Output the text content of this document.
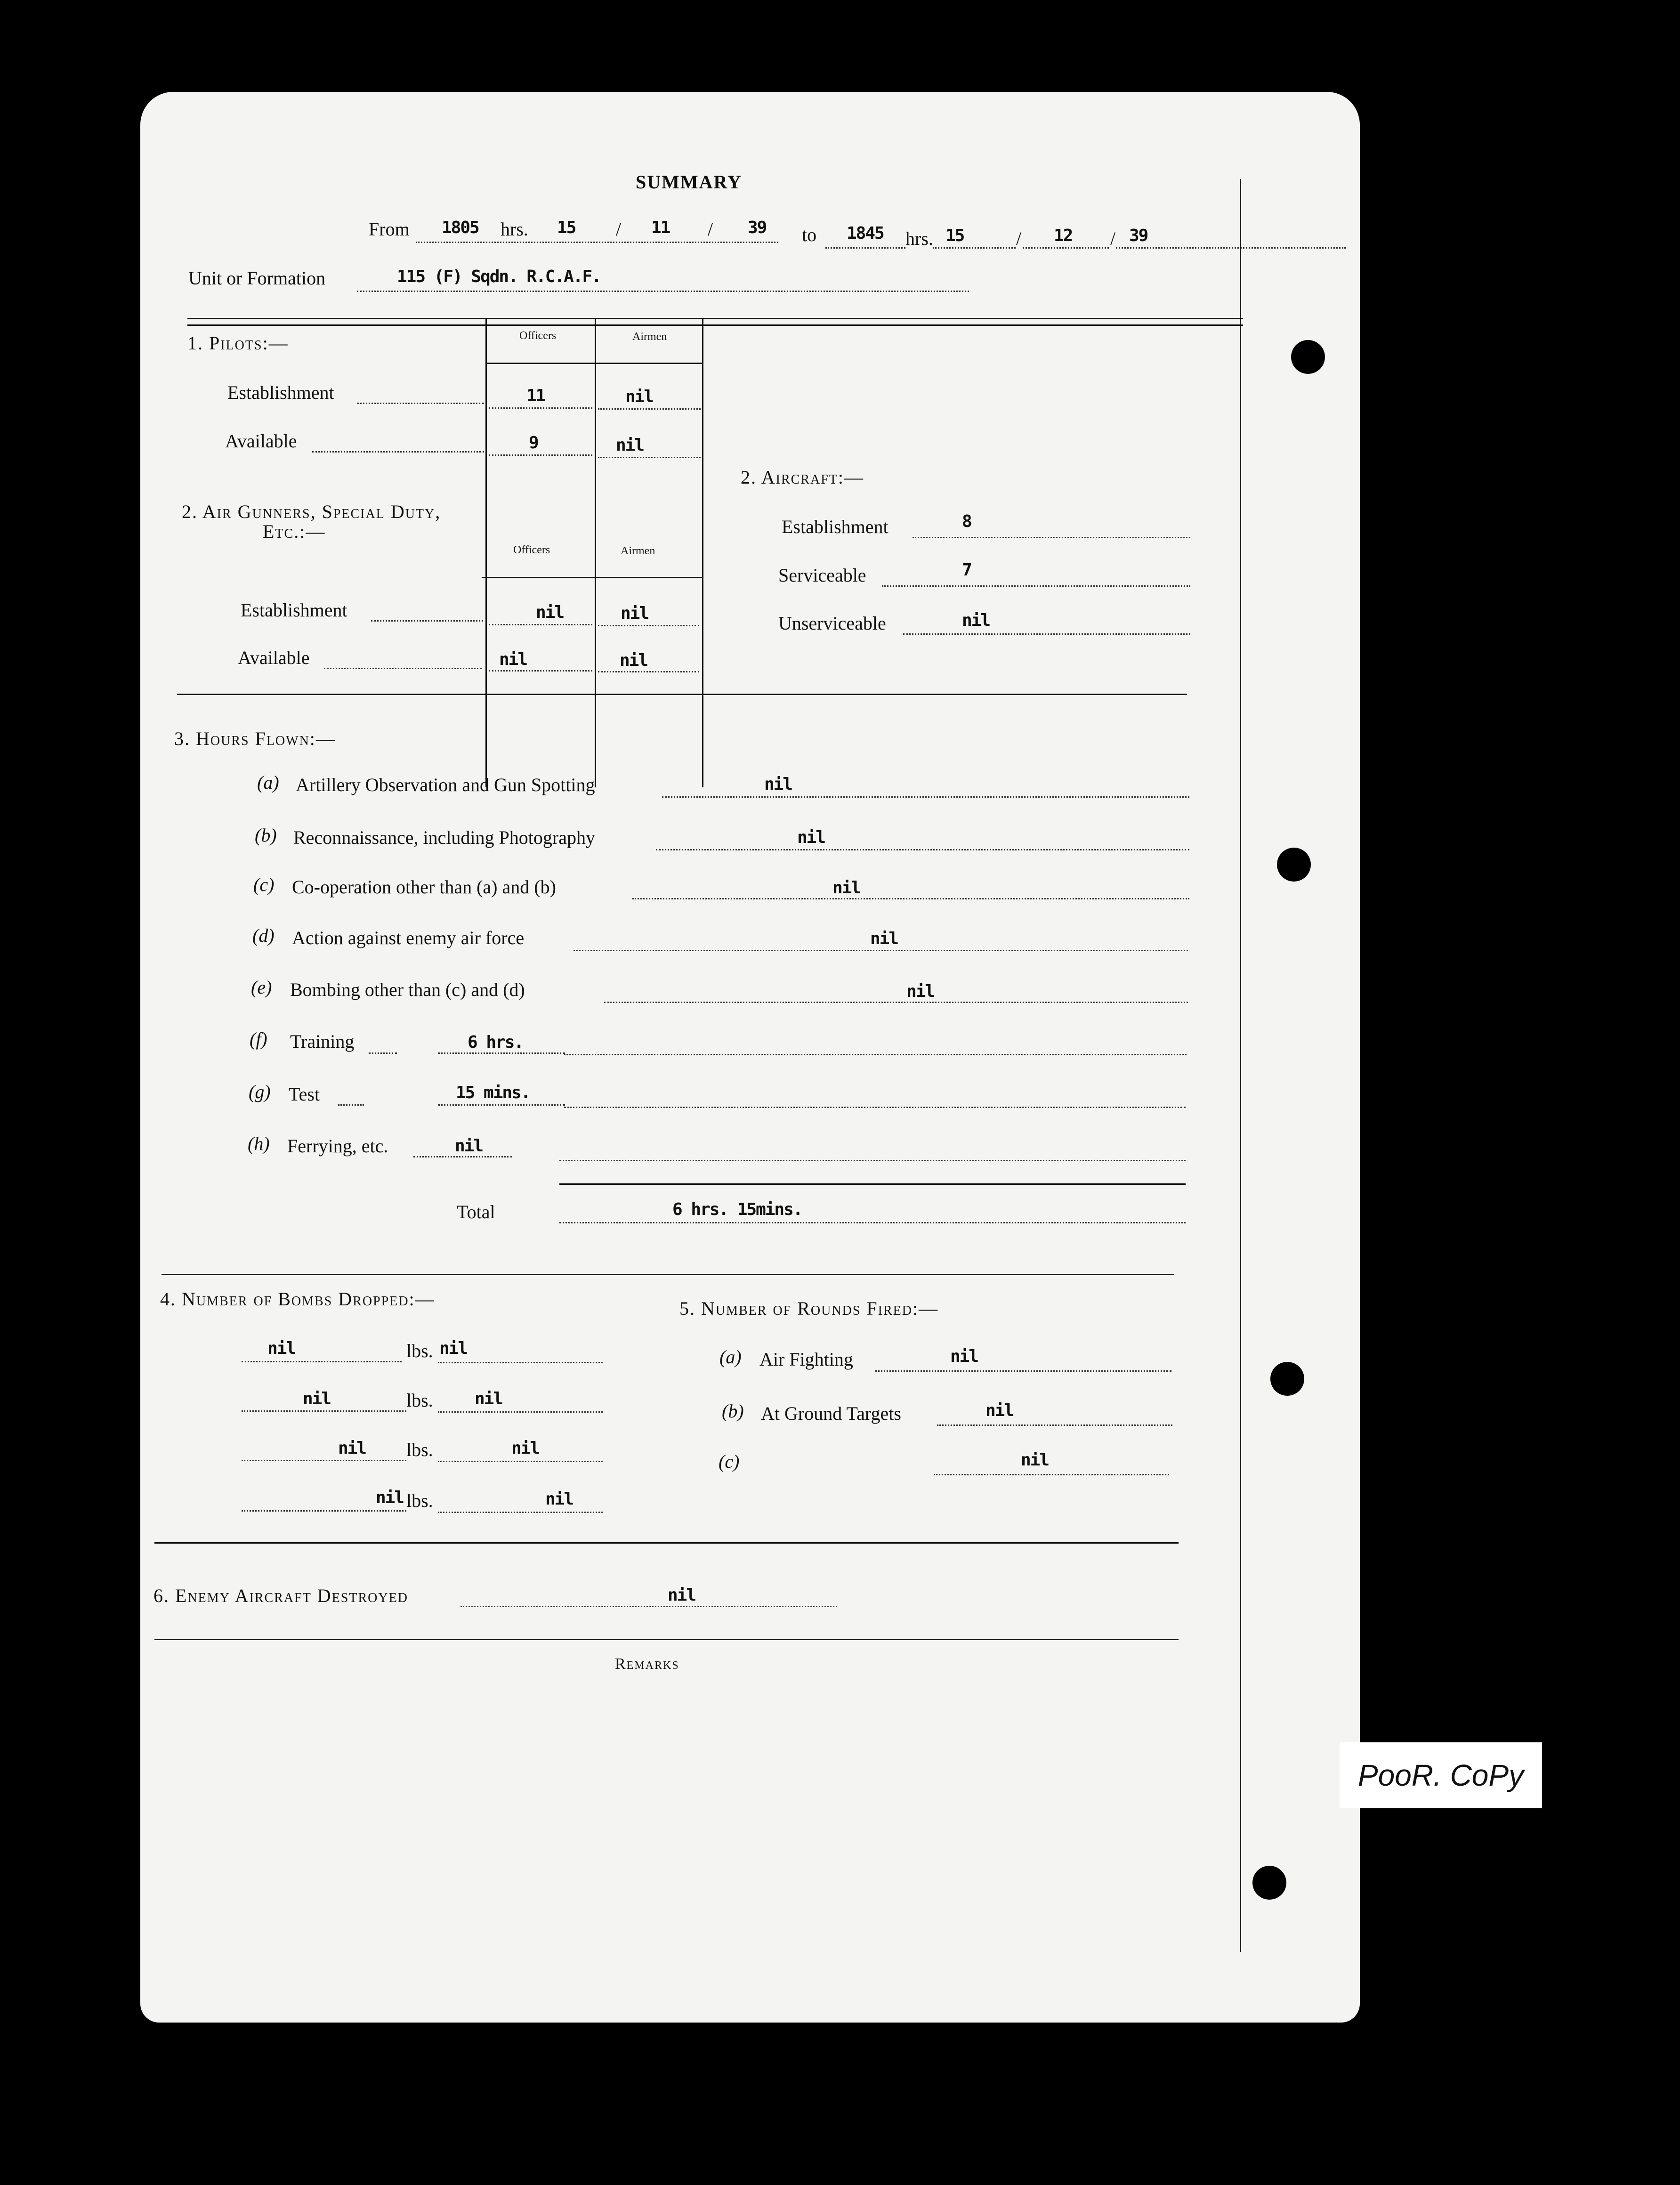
SUMMARY
From 1805 hrs. 15 / 11 / 39 to 1845 hrs. 15	/ 12 / 39
Unit or Formation	115 (F) Sqdn. R.C.A.F.
1. Pilots:—	Officers	Airmen
Establishment	11	nil
Available	9	nil
2. Air Gunners, Special Duty,
Etc.:—
Officers	Airmen
Establishment	nil	nil
Available	nil	nil
2. Aircraft:—
Establishment	8
Serviceable	7
Unserviceable	nil
3. Hours Flown:—
(a) Artillery Observation and Gun Spotting	nil
(b) Reconnaissance, including Photography	nil
(c) Co-operation other than (a) and (b)	nil
(d) Action against enemy air force	nil
(e) Bombing other than (c) and (d)	nil
(f) Training	6 hrs.
(g) Test	15 mins.
(h) Ferrying, etc.	nil
Total	6 hrs. 15mins.
4. Number of Bombs Dropped:—
nil	lbs. nil
nil	lbs. nil
nil lbs.	nil
nil lbs.	nil
5. Number of Rounds Fired:—
(a) Air Fighting	nil
(b) At Ground Targets	nil
(c)	nil
6. Enemy Aircraft Destroyed	nil
Remarks
PooR. CoPy
